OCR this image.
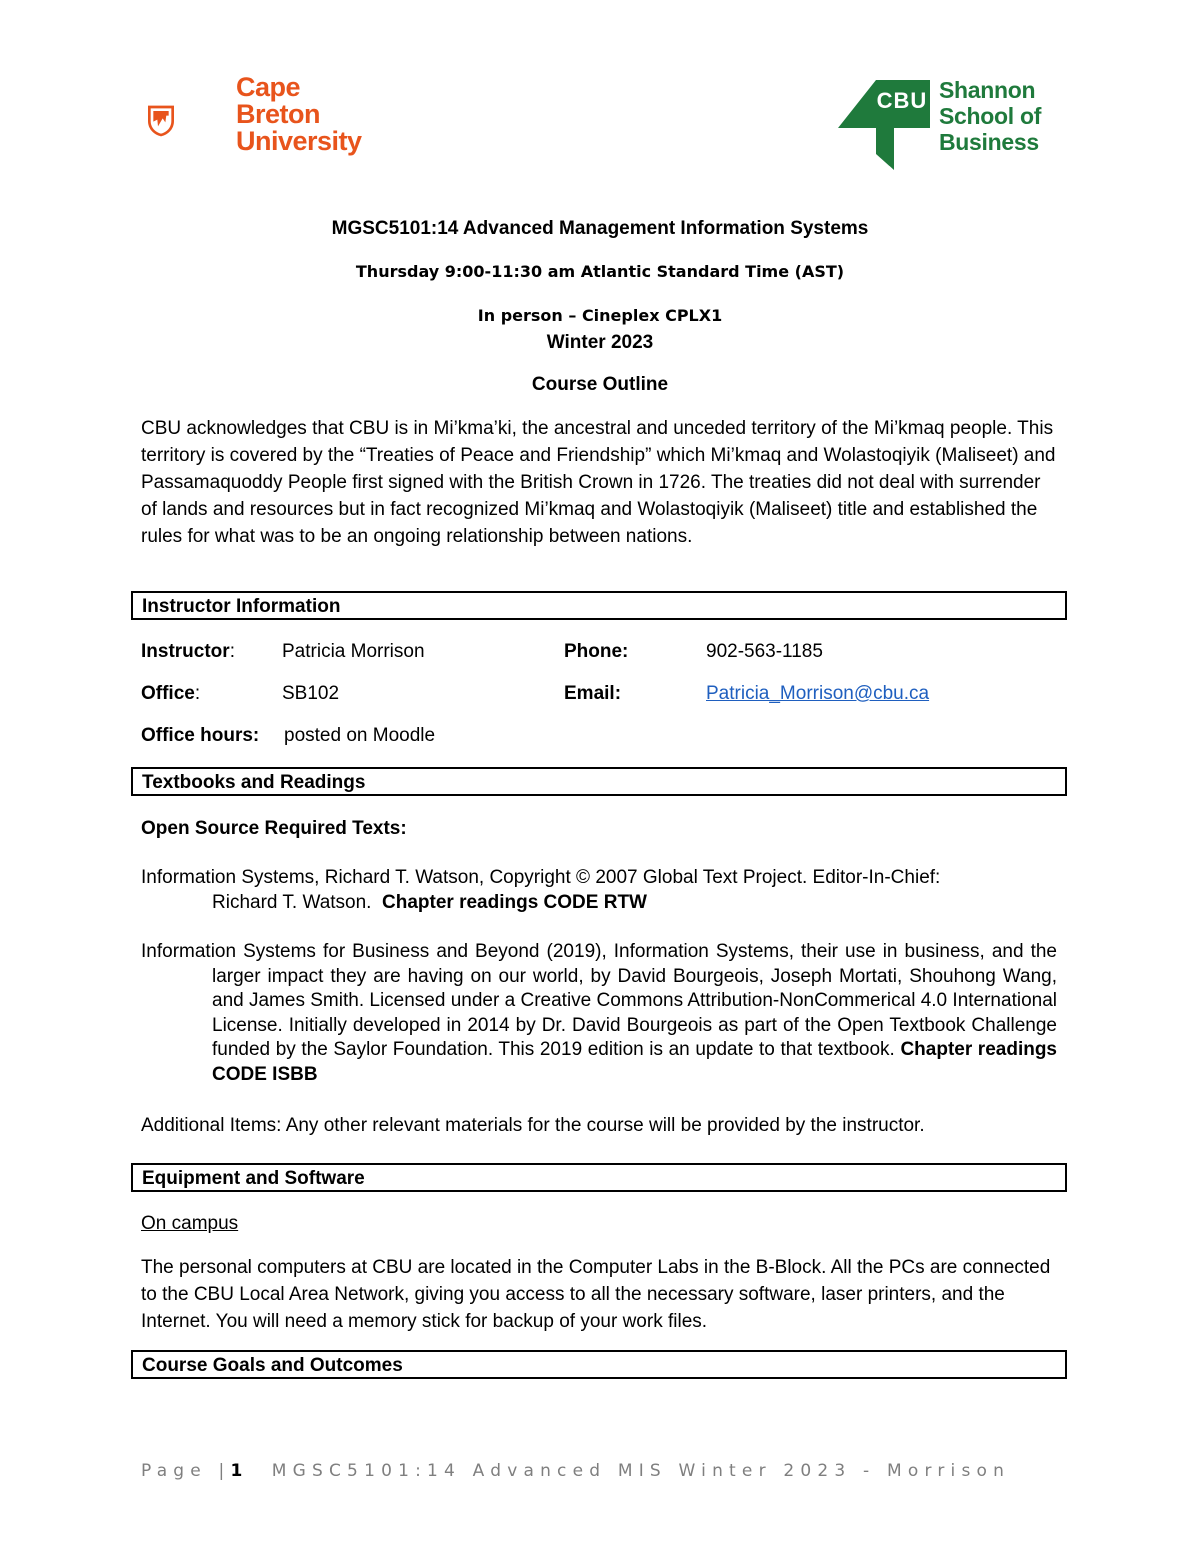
Cape
Breton
University
CBU Shannon
School of
Business
MGSC5101:14 Advanced Management Information Systems
Thursday 9:00-11:30 am Atlantic Standard Time (AST)
In person – Cineplex CPLX1
Winter 2023
Course Outline

CBU acknowledges that CBU is in Mi’kma’ki, the ancestral and unceded territory of the Mi’kmaq people. This territory is covered by the “Treaties of Peace and Friendship” which Mi’kmaq and Wolastoqiyik (Maliseet) and Passamaquoddy People first signed with the British Crown in 1726. The treaties did not deal with surrender of lands and resources but in fact recognized Mi’kmaq and Wolastoqiyik (Maliseet) title and established the rules for what was to be an ongoing relationship between nations.

Instructor Information
Instructor: Patricia Morrison	Phone:	902-563-1185
Office:	SB102	Email:	Patricia_Morrison@cbu.ca
Office hours: posted on Moodle
Textbooks and Readings
Open Source Required Texts:
Information Systems, Richard T. Watson, Copyright © 2007 Global Text Project. Editor-In-Chief:
Richard T. Watson. Chapter readings CODE RTW
Information Systems for Business and Beyond (2019), Information Systems, their use in business, and the larger impact they are having on our world, by David Bourgeois, Joseph Mortati, Shouhong Wang, and James Smith. Licensed under a Creative Commons Attribution-NonCommerical 4.0 International License. Initially developed in 2014 by Dr. David Bourgeois as part of the Open Textbook Challenge funded by the Saylor Foundation. This 2019 edition is an update to that textbook. Chapter readings CODE ISBB
Additional Items: Any other relevant materials for the course will be provided by the instructor.
Equipment and Software
On campus

The personal computers at CBU are located in the Computer Labs in the B-Block. All the PCs are connected to the CBU Local Area Network, giving you access to all the necessary software, laser printers, and the Internet. You will need a memory stick for backup of your work files.

Course Goals and Outcomes
Page |1 MGSC5101:14 Advanced MIS Winter 2023 - Morrison
